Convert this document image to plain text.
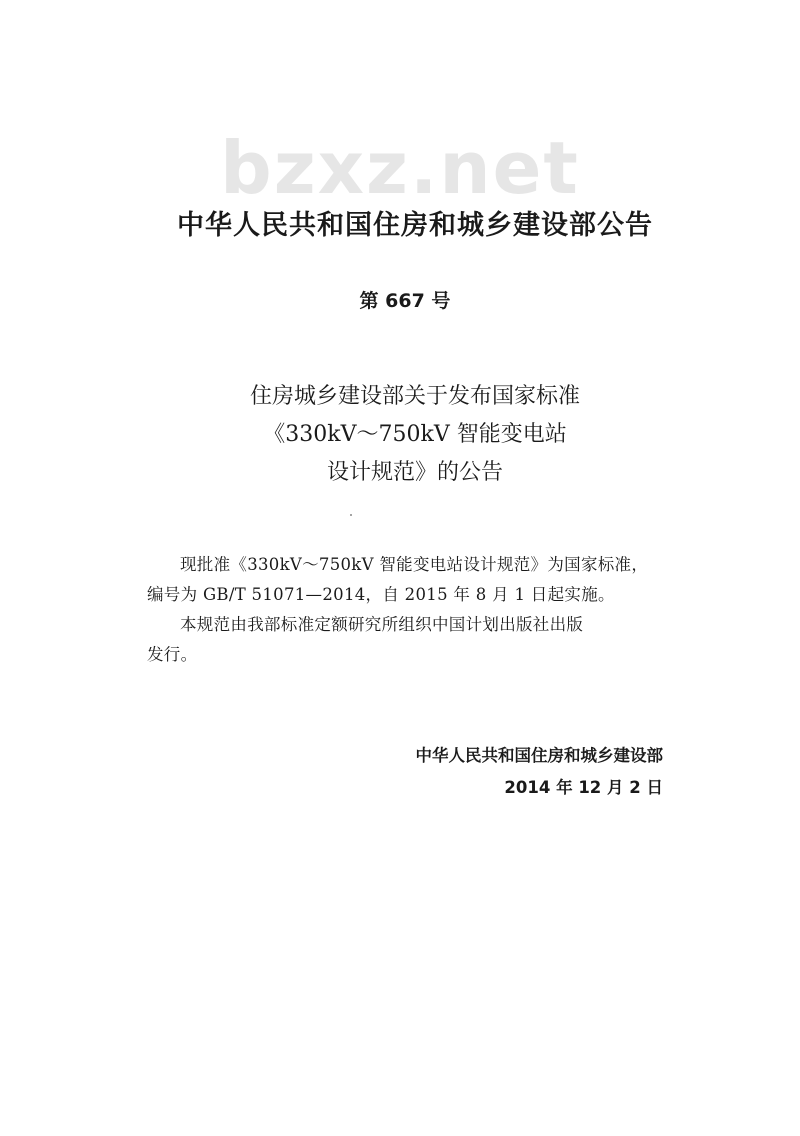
bzxz.net
中华人民共和国住房和城乡建设部公告
第 667 号
住房城乡建设部关于发布国家标准
《330kV～750kV 智能变电站
设计规范》的公告

现批准《330kV～750kV 智能变电站设计规范》为国家标准，

编号为 GB/T 51071—2014，自 2015 年 8 月 1 日起实施。

本规范由我部标准定额研究所组织中国计划出版社出版

发行。

中华人民共和国住房和城乡建设部
2014 年 12 月 2 日
